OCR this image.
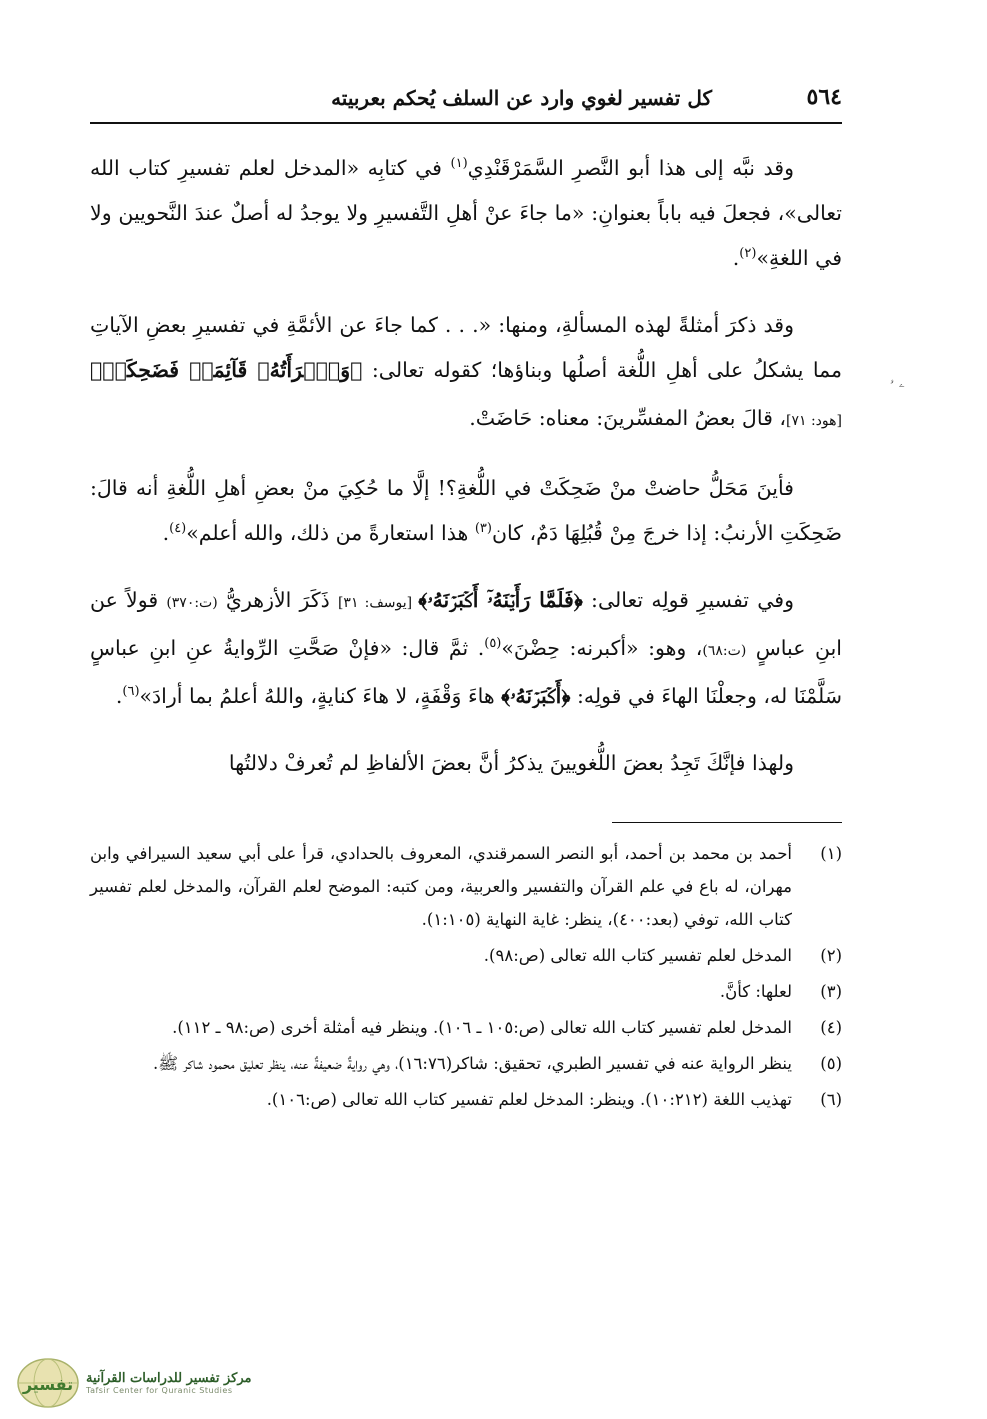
٥٦٤
كل تفسير لغوي وارد عن السلف يُحكم بعربيته

وقد نبَّه إلى هذا أبو النَّصرِ السَّمَرْقَنْدِي$^{(١)}$ في كتابِه «المدخل لعلم تفسيرِ كتاب الله تعالى»، فجعلَ فيه باباً بعنوانِ: «ما جاءَ عنْ أهلِ التَّفسيرِ ولا يوجدُ له أصلٌ عندَ النَّحويين ولا في اللغةِ»$^{(٢)}$.

وقد ذكرَ أمثلةً لهذه المسألةِ، ومنها: «. . . كما جاءَ عن الأئمَّةِ في تفسيرِ بعضِ الآياتِ مما يشكلُ على أهلِ اللُّغة أصلُها وبناؤها؛ كقوله تعالى: ﴿وَٱمۡرَأَتُهُۥ قَآئِمَةٞ فَضَحِكَتۡ﴾ [هود: ٧١]، قالَ بعضُ المفسِّرينَ: معناه: حَاضَتْ.

فأينَ مَحَلُّ حاضتْ منْ ضَحِكَتْ في اللُّغةِ؟! إلَّا ما حُكِيَ منْ بعضِ أهلِ اللُّغةِ أنه قالَ: ضَحِكَتِ الأرنبُ: إذا خرجَ مِنْ قُبُلِهَا دَمٌ، كان$^{(٣)}$ هذا استعارةً من ذلك، والله أعلم»$^{(٤)}$.

وفي تفسيرِ قولِه تعالى: ﴿فَلَمَّا رَأَيۡنَهُۥٓ أَكۡبَرۡنَهُۥ﴾ [يوسف: ٣١] ذَكَرَ الأزهريُّ (ت:٣٧٠) قولاً عن ابنِ عباسٍ (ت:٦٨)، وهو: «أكبرنه: حِضْنَ»$^{(٥)}$. ثمَّ قال: «فإنْ صَحَّتِ الرِّوايةُ عنِ ابنِ عباسٍ سَلَّمْنَا له، وجعلْنَا الهاءَ في قولِه: ﴿أَكۡبَرۡنَهُۥ﴾ هاءَ وَقْفَةٍ، لا هاءَ كنايةٍ، واللهُ أعلمُ بما أرادَ»$^{(٦)}$.

ولهذا فإنَّكَ تَجِدُ بعضَ اللُّغويينَ يذكرُ أنَّ بعضَ الألفاظِ لم تُعرفْ دلالتُها

(١)
أحمد بن محمد بن أحمد، أبو النصر السمرقندي، المعروف بالحدادي، قرأ على أبي سعيد السيرافي وابن مهران، له باع في علم القرآن والتفسير والعربية، ومن كتبه: الموضح لعلم القرآن، والمدخل لعلم تفسير كتاب الله، توفي (بعد:٤٠٠)، ينظر: غاية النهاية (١:١٠٥).
(٢)
المدخل لعلم تفسير كتاب الله تعالى (ص:٩٨).
(٣)
لعلها: كأنَّ.
(٤)
المدخل لعلم تفسير كتاب الله تعالى (ص:١٠٥ ـ ١٠٦). وينظر فيه أمثلة أخرى (ص:٩٨ ـ ١١٢).
(٥)
ينظر الرواية عنه في تفسير الطبري، تحقيق: شاكر(١٦:٧٦)، وهي روايةٌ ضعيفةٌ عنه، ينظر تعليق محمود شاكر ﷺ.
(٦)
تهذيب اللغة (١٠:٢١٢). وينظر: المدخل لعلم تفسير كتاب الله تعالى (ص:١٠٦).
ۦ ۥ
تفسير مركز تفسير للدراسات القرآنية
Tafsir Center for Quranic Studies
